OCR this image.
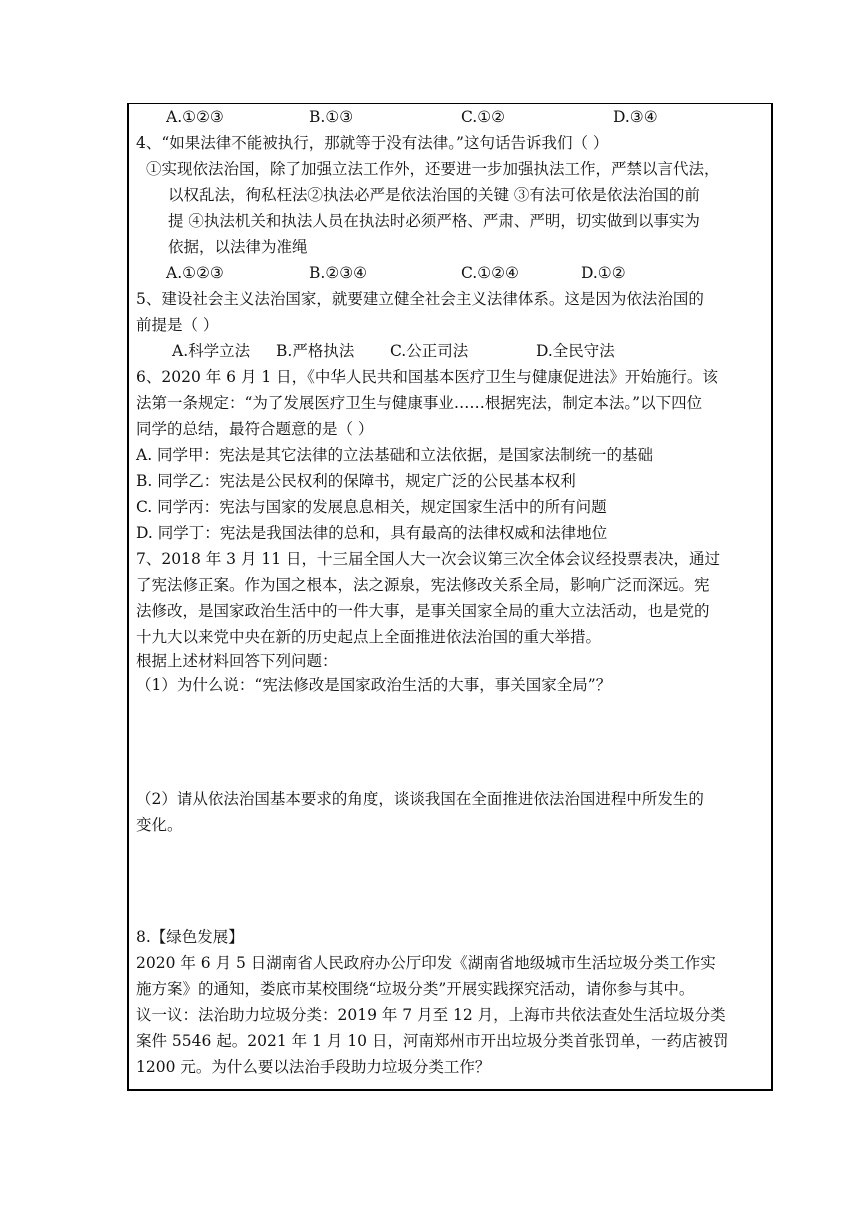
A.①②③	B.①③	C.①②	D.③④
4、“如果法律不能被执行，那就等于没有法律。”这句话告诉我们（ ）
①实现依法治国，除了加强立法工作外，还要进一步加强执法工作，严禁以言代法，
以权乱法，徇私枉法②执法必严是依法治国的关键 ③有法可依是依法治国的前
提 ④执法机关和执法人员在执法时必须严格、严肃、严明，切实做到以事实为
依据，以法律为准绳
A.①②③	B.②③④	C.①②④	D.①②
5、建设社会主义法治国家，就要建立健全社会主义法律体系。这是因为依法治国的
前提是（ ）
A.科学立法	B.严格执法	C.公正司法	D.全民守法
6、2020 年 6 月 1 日，《中华人民共和国基本医疗卫生与健康促进法》开始施行。该
法第一条规定：“为了发展医疗卫生与健康事业……根据宪法，制定本法。”以下四位
同学的总结，最符合题意的是（ ）
A. 同学甲：宪法是其它法律的立法基础和立法依据，是国家法制统一的基础
B. 同学乙：宪法是公民权利的保障书，规定广泛的公民基本权利
C. 同学丙：宪法与国家的发展息息相关，规定国家生活中的所有问题
D. 同学丁：宪法是我国法律的总和，具有最高的法律权威和法律地位
7、2018 年 3 月 11 日，十三届全国人大一次会议第三次全体会议经投票表决，通过
了宪法修正案。作为国之根本，法之源泉，宪法修改关系全局，影响广泛而深远。宪
法修改，是国家政治生活中的一件大事，是事关国家全局的重大立法活动，也是党的
十九大以来党中央在新的历史起点上全面推进依法治国的重大举措。
根据上述材料回答下列问题：
（1）为什么说：“宪法修改是国家政治生活的大事，事关国家全局”？
（2）请从依法治国基本要求的角度，谈谈我国在全面推进依法治国进程中所发生的
变化。
8.【绿色发展】
2020 年 6 月 5 日湖南省人民政府办公厅印发《湖南省地级城市生活垃圾分类工作实
施方案》的通知，娄底市某校围绕“垃圾分类”开展实践探究活动，请你参与其中。
议一议：法治助力垃圾分类：2019 年 7 月至 12 月，上海市共依法查处生活垃圾分类
案件 5546 起。2021 年 1 月 10 日，河南郑州市开出垃圾分类首张罚单，一药店被罚
1200 元。为什么要以法治手段助力垃圾分类工作？
